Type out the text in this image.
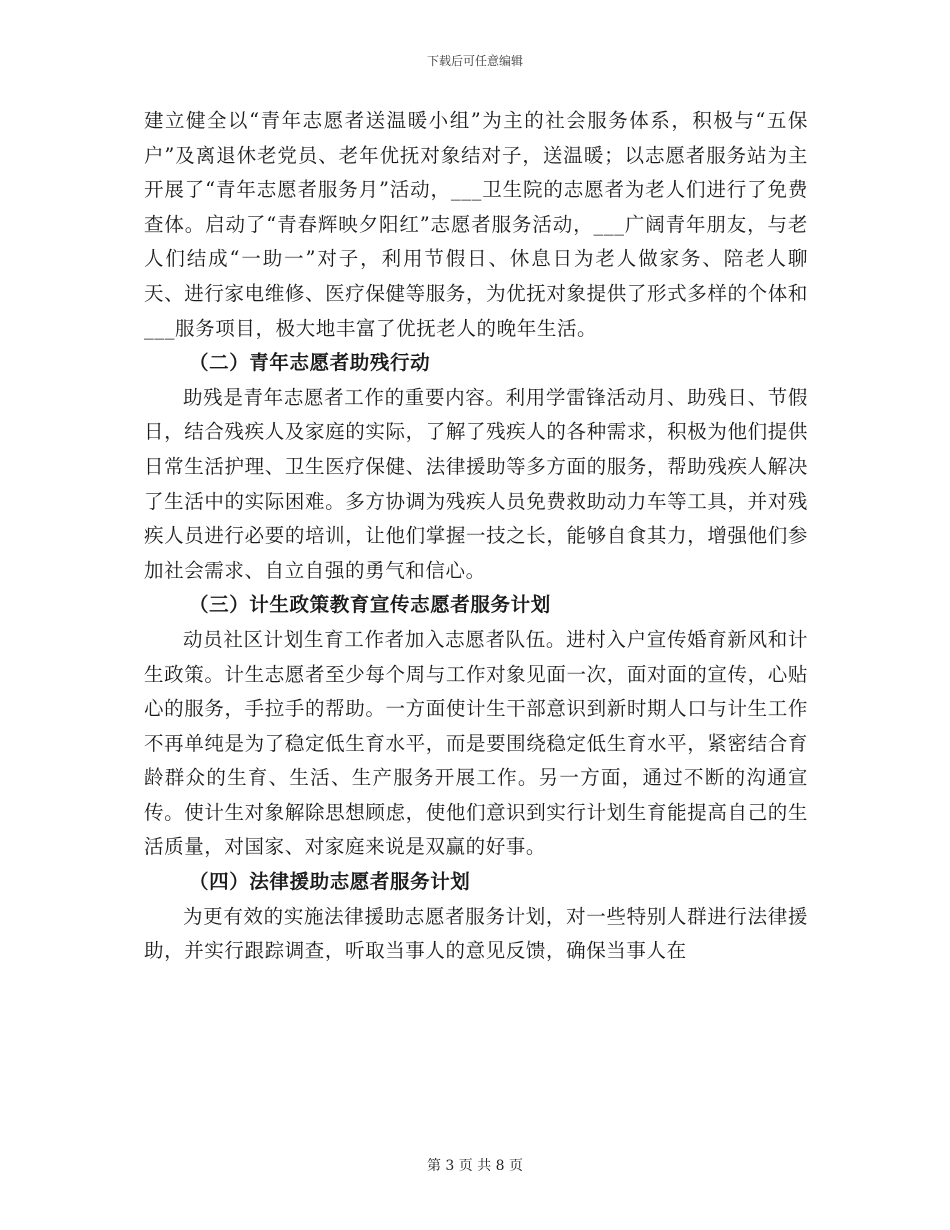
下载后可任意编辑

建立健全以“青年志愿者送温暖小组”为主的社会服务体系，积极与“五保户”及离退休老党员、老年优抚对象结对子，送温暖；以志愿者服务站为主开展了“青年志愿者服务月”活动，___卫生院的志愿者为老人们进行了免费查体。启动了“青春辉映夕阳红”志愿者服务活动，___广阔青年朋友，与老人们结成“一助一”对子，利用节假日、休息日为老人做家务、陪老人聊天、进行家电维修、医疗保健等服务，为优抚对象提供了形式多样的个体和___服务项目，极大地丰富了优抚老人的晚年生活。

（二）青年志愿者助残行动

助残是青年志愿者工作的重要内容。利用学雷锋活动月、助残日、节假日，结合残疾人及家庭的实际，了解了残疾人的各种需求，积极为他们提供日常生活护理、卫生医疗保健、法律援助等多方面的服务，帮助残疾人解决了生活中的实际困难。多方协调为残疾人员免费救助动力车等工具，并对残疾人员进行必要的培训，让他们掌握一技之长，能够自食其力，增强他们参加社会需求、自立自强的勇气和信心。

（三）计生政策教育宣传志愿者服务计划

动员社区计划生育工作者加入志愿者队伍。进村入户宣传婚育新风和计生政策。计生志愿者至少每个周与工作对象见面一次，面对面的宣传，心贴心的服务，手拉手的帮助。一方面使计生干部意识到新时期人口与计生工作不再单纯是为了稳定低生育水平，而是要围绕稳定低生育水平，紧密结合育龄群众的生育、生活、生产服务开展工作。另一方面，通过不断的沟通宣传。使计生对象解除思想顾虑，使他们意识到实行计划生育能提高自己的生活质量，对国家、对家庭来说是双赢的好事。

（四）法律援助志愿者服务计划

为更有效的实施法律援助志愿者服务计划，对一些特别人群进行法律援助，并实行跟踪调查，听取当事人的意见反馈，确保当事人在

第 3 页 共 8 页
